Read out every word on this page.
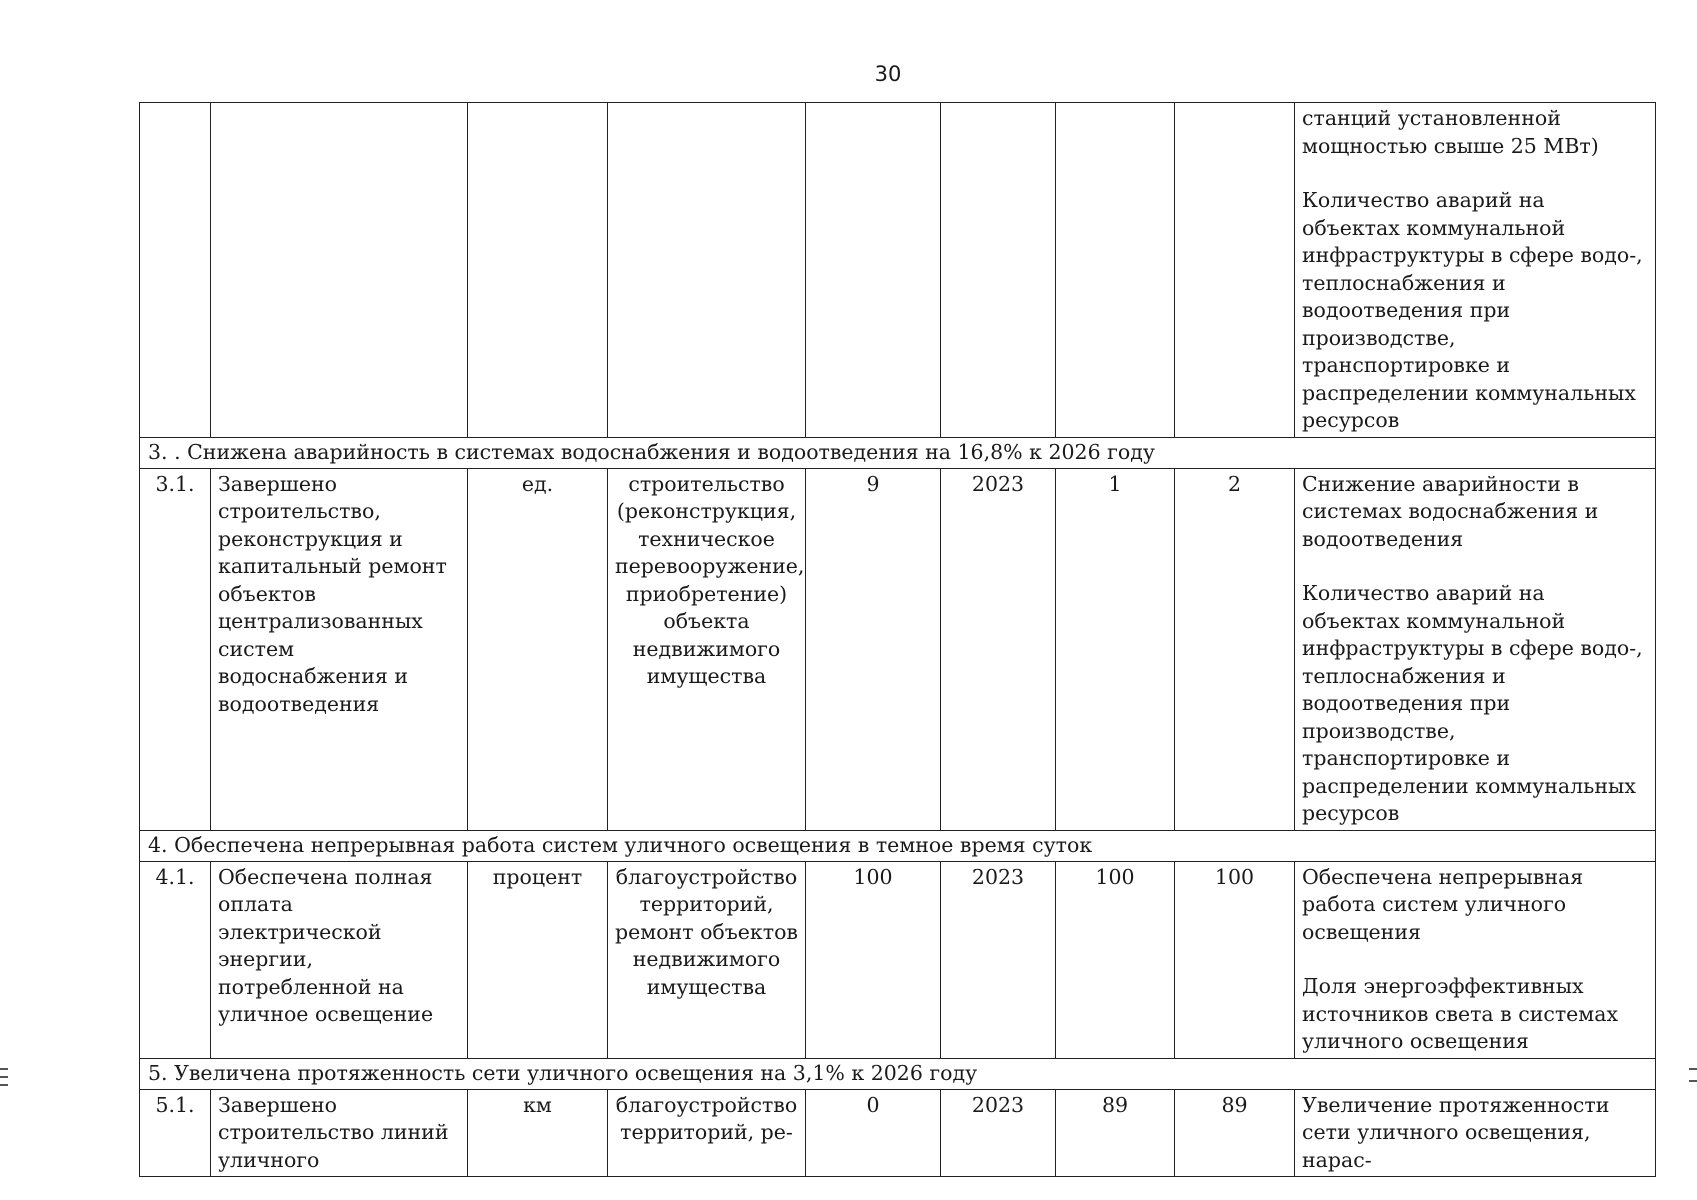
30
								станций установленной мощностью свыше 25 МВт)
Количество аварий на объектах коммунальной инфраструктуры в сфере водо-, теплоснабжения и водоотведения при производстве, транспортировке и распределении коммунальных ресурсов
3. . Снижена аварийность в системах водоснабжения и водоотведения на 16,8% к 2026 году								
3.1.	Завершено строительство, реконструкция и капитальный ремонт объектов централизованных систем водоснабжения и водоотведения	ед.	строительство (реконструкция, техническое перевооружение, приобретение) объекта недвижимого имущества	9	2023	1	2	Снижение аварийности в системах водоснабжения и водоотведения
Количество аварий на объектах коммунальной инфраструктуры в сфере водо-, теплоснабжения и водоотведения при производстве, транспортировке и распределении коммунальных ресурсов
4. Обеспечена непрерывная работа систем уличного освещения в темное время суток								
4.1.	Обеспечена полная оплата электрической энергии, потребленной на уличное освещение	процент	благоустройство территорий, ремонт объектов недвижимого имущества	100	2023	100	100	Обеспечена непрерывная работа систем уличного освещения
Доля энергоэффективных источников света в системах уличного освещения
5. Увеличена протяженность сети уличного освещения на 3,1% к 2026 году								
5.1.	Завершено строительство линий уличного	км	благоустройство территорий, ре-	0	2023	89	89	Увеличение протяженности сети уличного освещения, нарас-
